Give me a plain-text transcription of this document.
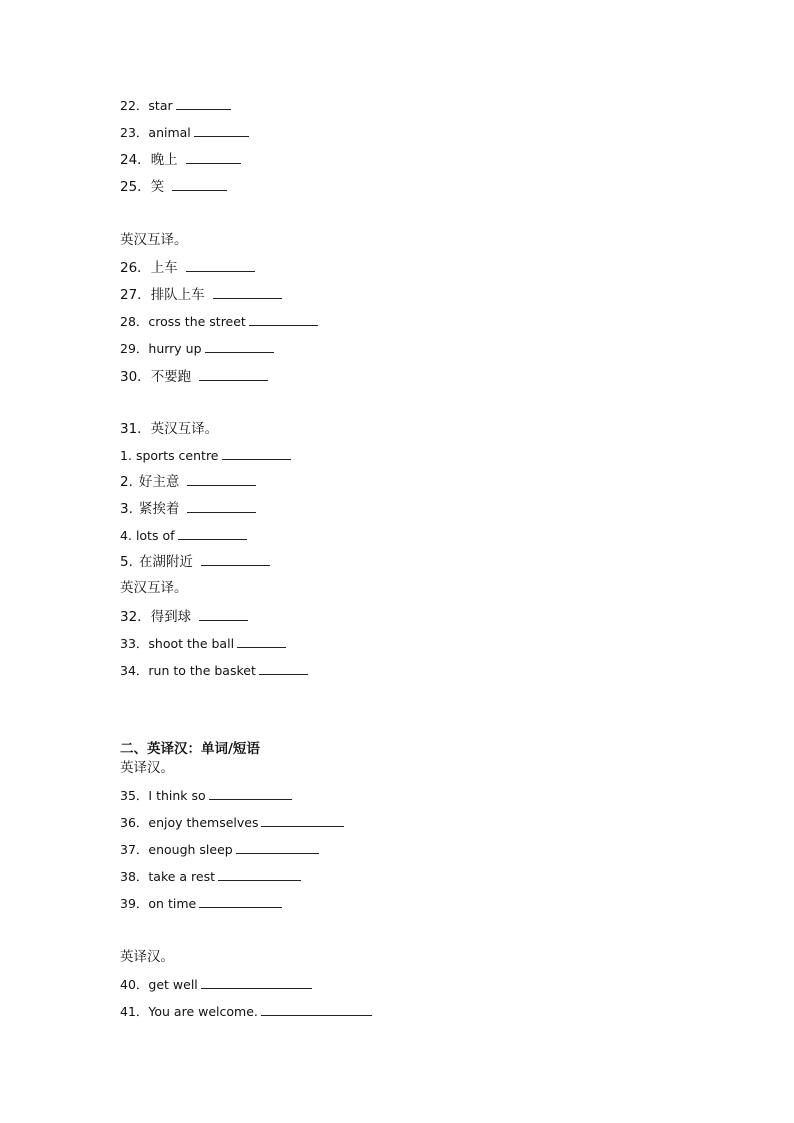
22．star
23．animal
24．晚上
25．笑
英汉互译。
26．上车
27．排队上车
28．cross the street
29．hurry up
30．不要跑
31．英汉互译。
1. sports centre
2. 好主意
3. 紧挨着
4. lots of
5. 在湖附近
英汉互译。
32．得到球
33．shoot the ball
34．run to the basket
二、英译汉：单词/短语
英译汉。
35．I think so
36．enjoy themselves
37．enough sleep
38．take a rest
39．on time
英译汉。
40．get well
41．You are welcome.
